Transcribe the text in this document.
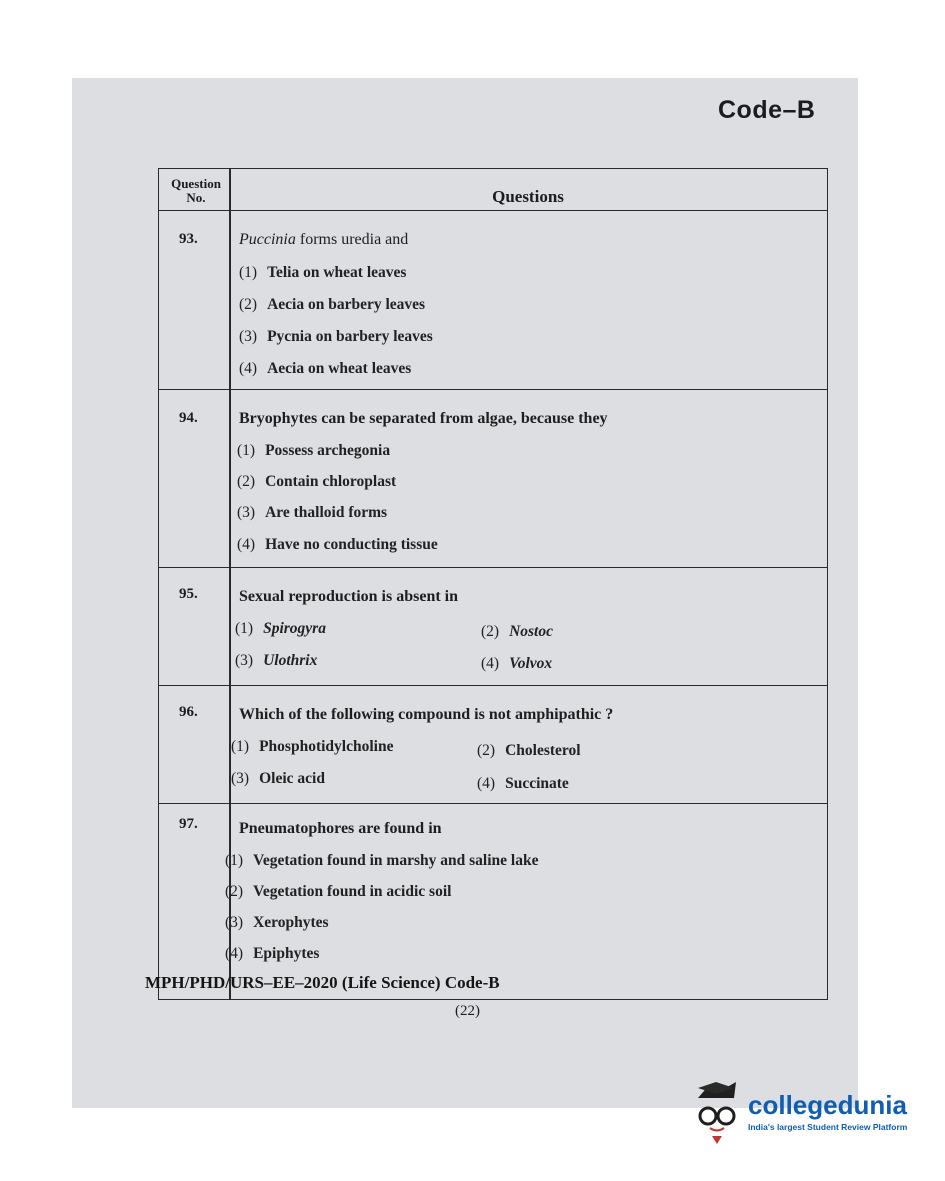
Code–B
Question No.	Questions
93.	Puccinia forms uredia and
(1) Telia on wheat leaves
(2) Aecia on barbery leaves
(3) Pycnia on barbery leaves
(4) Aecia on wheat leaves
94.	Bryophytes can be separated from algae, because they
(1) Possess archegonia
(2) Contain chloroplast
(3) Are thalloid forms
(4) Have no conducting tissue
95.	Sexual reproduction is absent in
(1) Spirogyra	(2) Nostoc
(3) Ulothrix	(4) Volvox
96.	Which of the following compound is not amphipathic ?
(1) Phosphotidylcholine	(2) Cholesterol
(3) Oleic acid	(4) Succinate
97.	Pneumatophores are found in
(1) Vegetation found in marshy and saline lake
(2) Vegetation found in acidic soil
(3) Xerophytes
(4) Epiphytes
MPH/PHD/URS–EE–2020 (Life Science) Code-B
(22)
collegedunia
India's largest Student Review Platform
